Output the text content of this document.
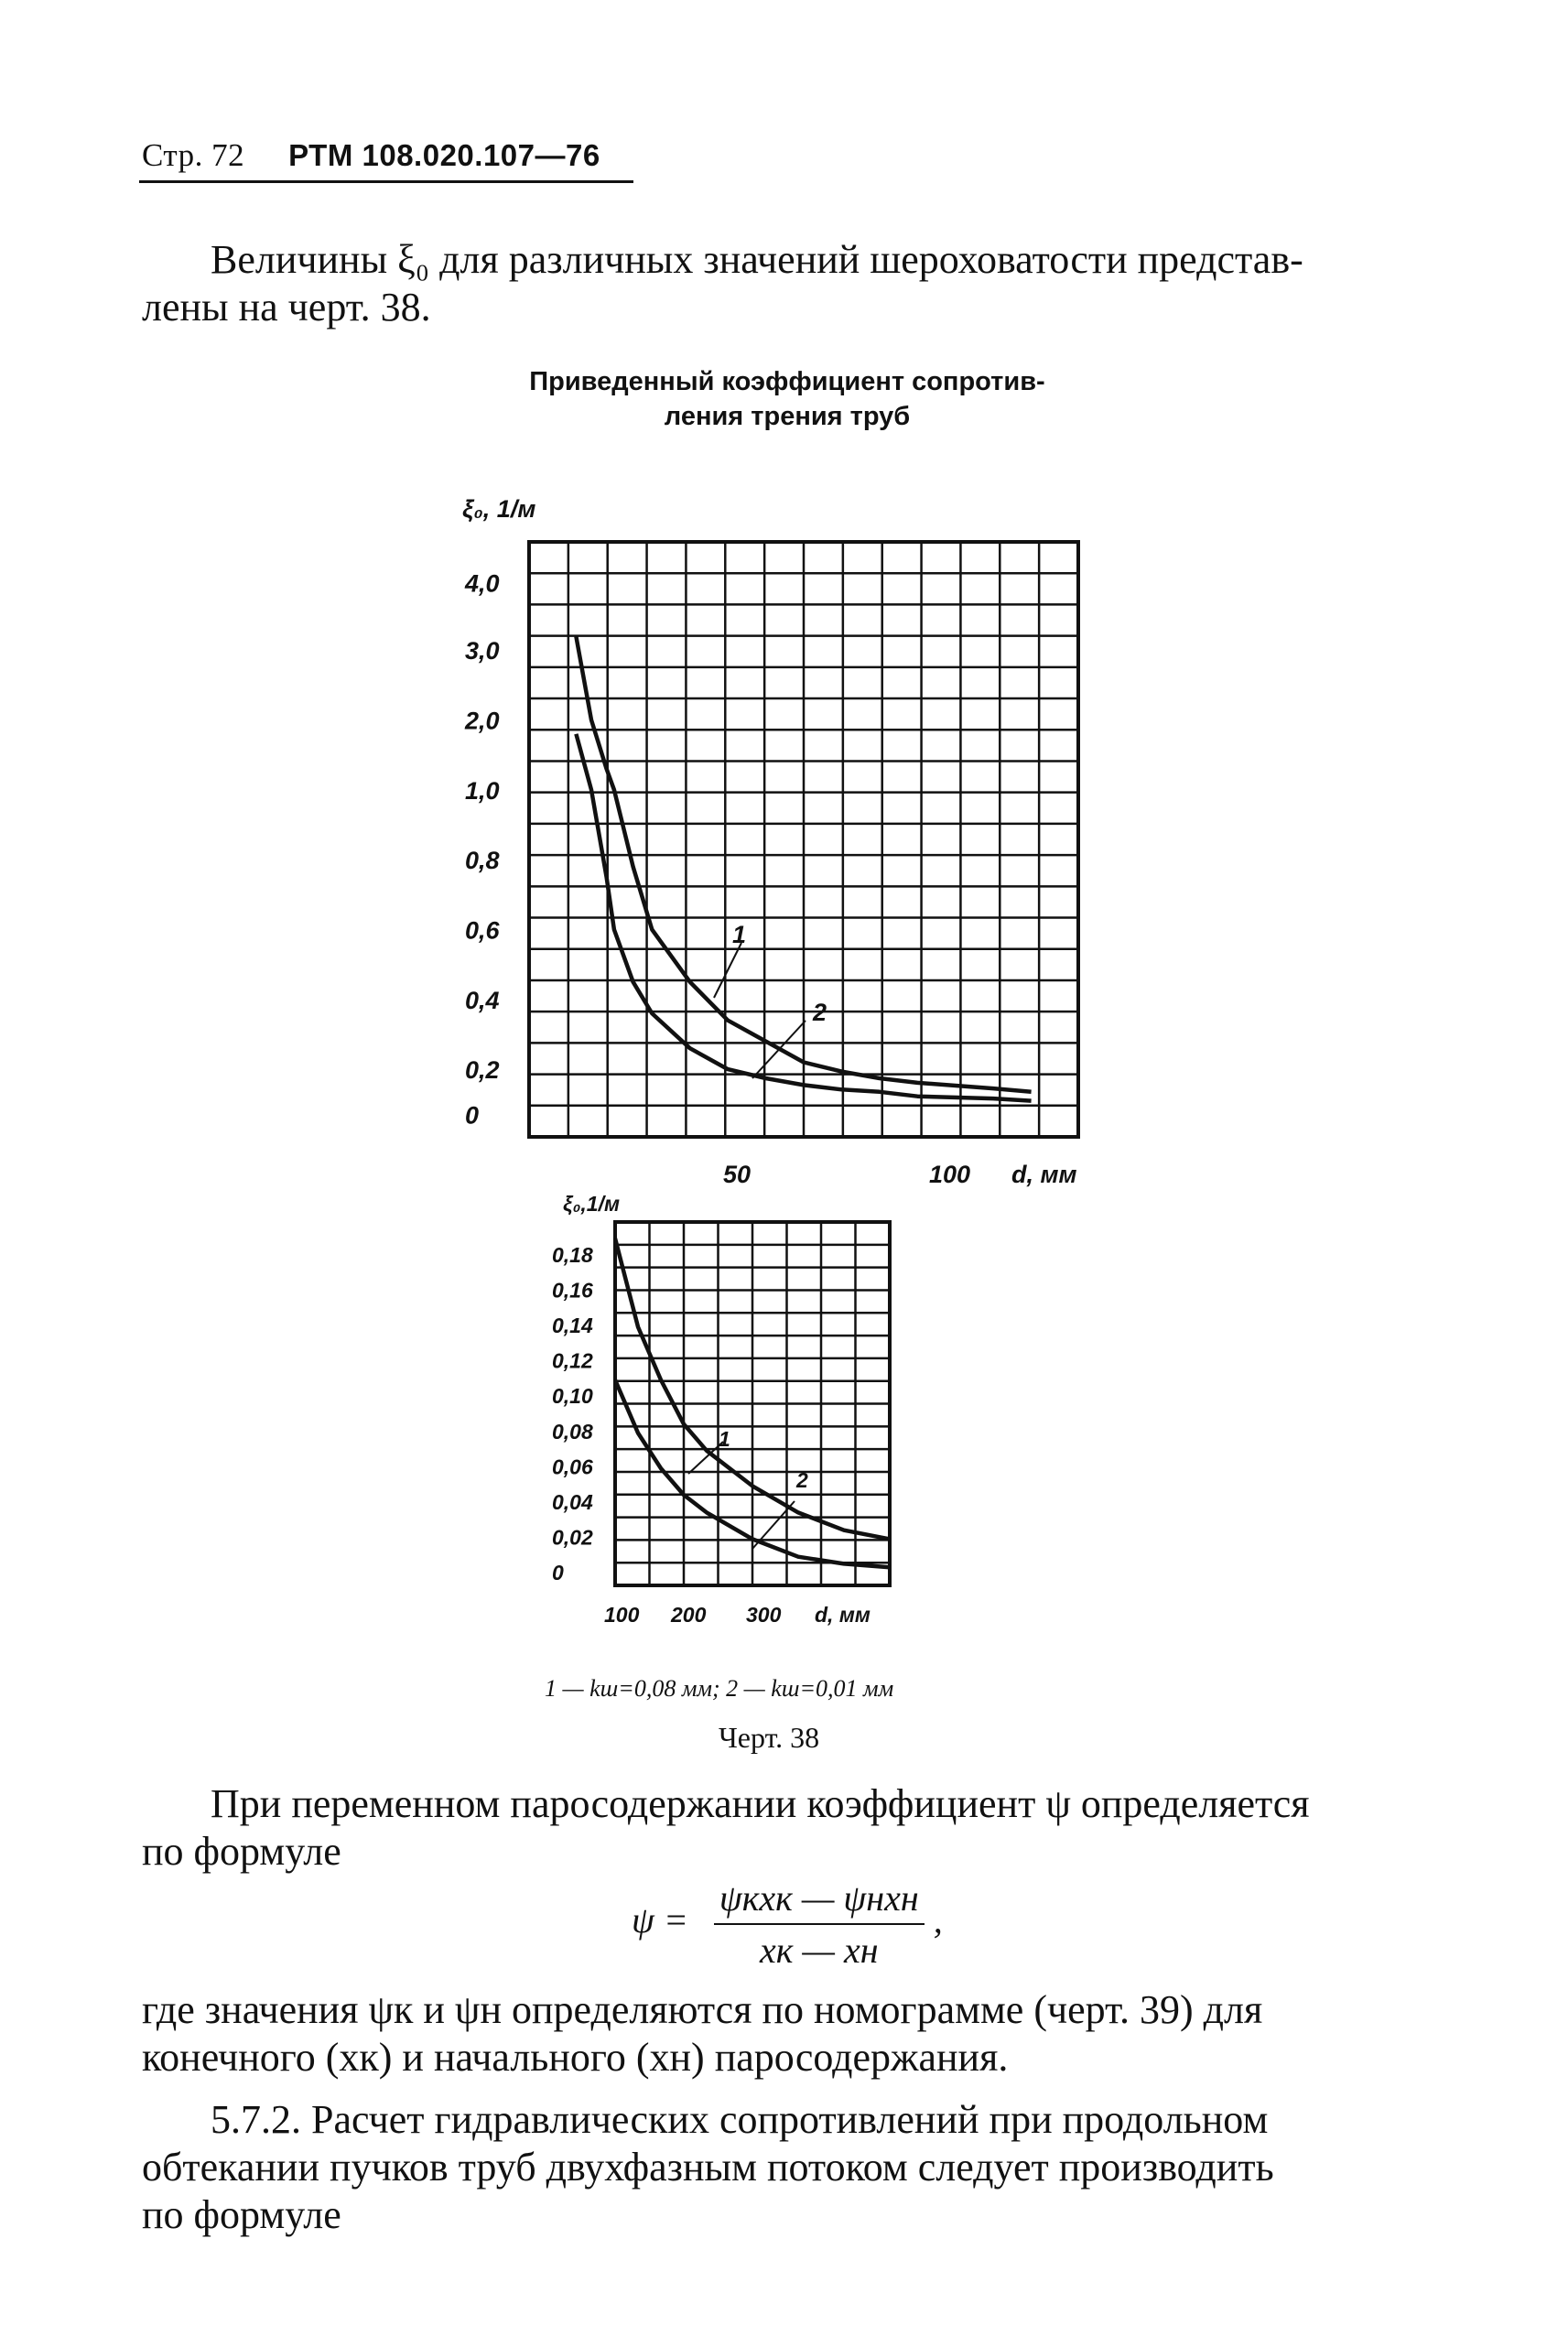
Стр. 72 РТМ 108.020.107—76
Величины ξ₀ для различных значений шероховатости представ-
лены на черт. 38.
Приведенный коэффициент сопротив-
ления трения труб
ξ₀, 1/м
4,0
3,0
2,0
1,0
0,8
0,6
0,4
0,2
0
50	100 d, мм
1
2
ξ₀,1/м
0,18
0,16
0,14
0,12
0,10
0,08
0,06
0,04
0,02
0
100 200 300 d, мм
1
2
1 — kш=0,08 мм; 2 — kш=0,01 мм
Черт. 38
При переменном паросодержании коэффициент ψ определяется
по формуле
$\psi = \frac{\text{ψкxк — ψнxн}}{xк — xн}$ ,
где значения ψк и ψн определяются по номограмме (черт. 39) для
конечного (xк) и начального (xн) паросодержания.
5.7.2. Расчет гидравлических сопротивлений при продольном
обтекании пучков труб двухфазным потоком следует производить
по формуле
